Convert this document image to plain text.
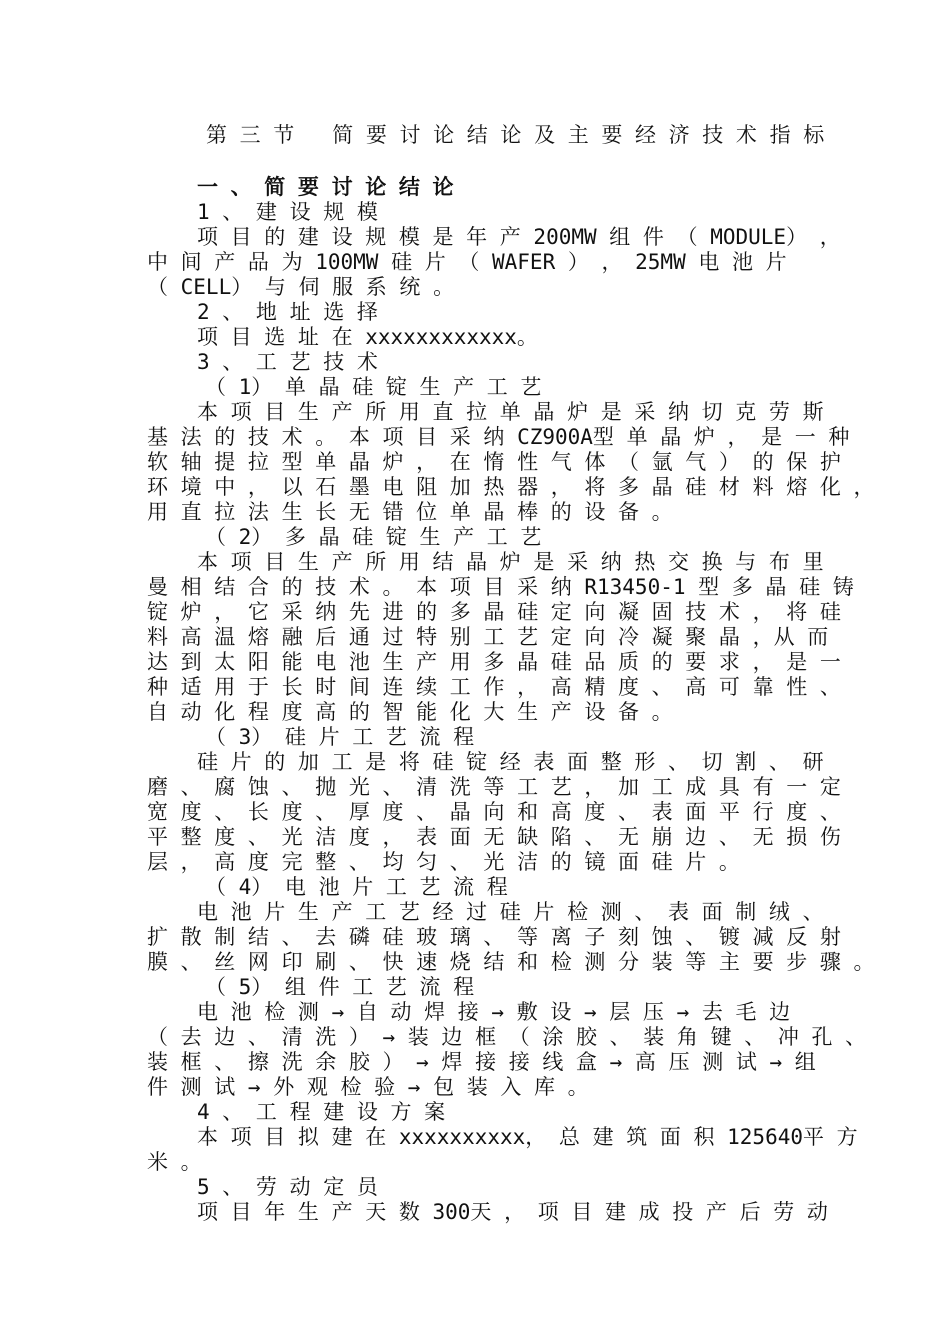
第 三 节   简 要 讨 论 结 论 及 主 要 经 济 技 术 指 标
一 、 简 要 讨 论 结 论
1 、 建 设 规 模
项 目 的 建 设 规 模 是 年 产 200MW 组 件 （ MODULE） ，
中 间 产 品 为 100MW 硅 片 （ WAFER ） ， 25MW 电 池 片
（ CELL） 与 伺 服 系 统 。
2 、 地 址 选 择
项 目 选 址 在 xxxxxxxxxxxx。
3 、 工 艺 技 术
（ 1） 单 晶 硅 锭 生 产 工 艺
本 项 目 生 产 所 用 直 拉 单 晶 炉 是 采 纳 切 克 劳 斯
基 法 的 技 术 。 本 项 目 采 纳 CZ900A型 单 晶 炉 ， 是 一 种
软 轴 提 拉 型 单 晶 炉 ， 在 惰 性 气 体 （ 氩 气 ） 的 保 护
环 境 中 ， 以 石 墨 电 阻 加 热 器 ， 将 多 晶 硅 材 料 熔 化 ，
用 直 拉 法 生 长 无 错 位 单 晶 棒 的 设 备 。
（ 2） 多 晶 硅 锭 生 产 工 艺
本 项 目 生 产 所 用 结 晶 炉 是 采 纳 热 交 换 与 布 里
曼 相 结 合 的 技 术 。 本 项 目 采 纳 R13450-1 型 多 晶 硅 铸
锭 炉 ， 它 采 纳 先 进 的 多 晶 硅 定 向 凝 固 技 术 ， 将 硅
料 高 温 熔 融 后 通 过 特 别 工 艺 定 向 冷 凝 聚 晶 ，从 而
达 到 太 阳 能 电 池 生 产 用 多 晶 硅 品 质 的 要 求 ， 是 一
种 适 用 于 长 时 间 连 续 工 作 ， 高 精 度 、 高 可 靠 性 、
自 动 化 程 度 高 的 智 能 化 大 生 产 设 备 。
（ 3） 硅 片 工 艺 流 程
硅 片 的 加 工 是 将 硅 锭 经 表 面 整 形 、 切 割 、 研
磨 、 腐 蚀 、 抛 光 、 清 洗 等 工 艺 ， 加 工 成 具 有 一 定
宽 度 、 长 度 、 厚 度 、 晶 向 和 高 度 、 表 面 平 行 度 、
平 整 度 、 光 洁 度 ， 表 面 无 缺 陷 、 无 崩 边 、 无 损 伤
层 ， 高 度 完 整 、 均 匀 、 光 洁 的 镜 面 硅 片 。
（ 4） 电 池 片 工 艺 流 程
电 池 片 生 产 工 艺 经 过 硅 片 检 测 、 表 面 制 绒 、
扩 散 制 结 、 去 磷 硅 玻 璃 、 等 离 子 刻 蚀 、 镀 减 反 射
膜 、 丝 网 印 刷 、 快 速 烧 结 和 检 测 分 装 等 主 要 步 骤 。
（ 5） 组 件 工 艺 流 程
电 池 检 测 → 自 动 焊 接 → 敷 设 → 层 压 → 去 毛 边
（ 去 边 、 清 洗 ） → 装 边 框 （ 涂 胶 、 装 角 键 、 冲 孔 、
装 框 、 擦 洗 余 胶 ） → 焊 接 接 线 盒 → 高 压 测 试 → 组
件 测 试 → 外 观 检 验 → 包 装 入 库 。
4 、 工 程 建 设 方 案
本 项 目 拟 建 在 xxxxxxxxxx， 总 建 筑 面 积 125640平 方
米 。
5 、 劳 动 定 员
项 目 年 生 产 天 数 300天 ， 项 目 建 成 投 产 后 劳 动
